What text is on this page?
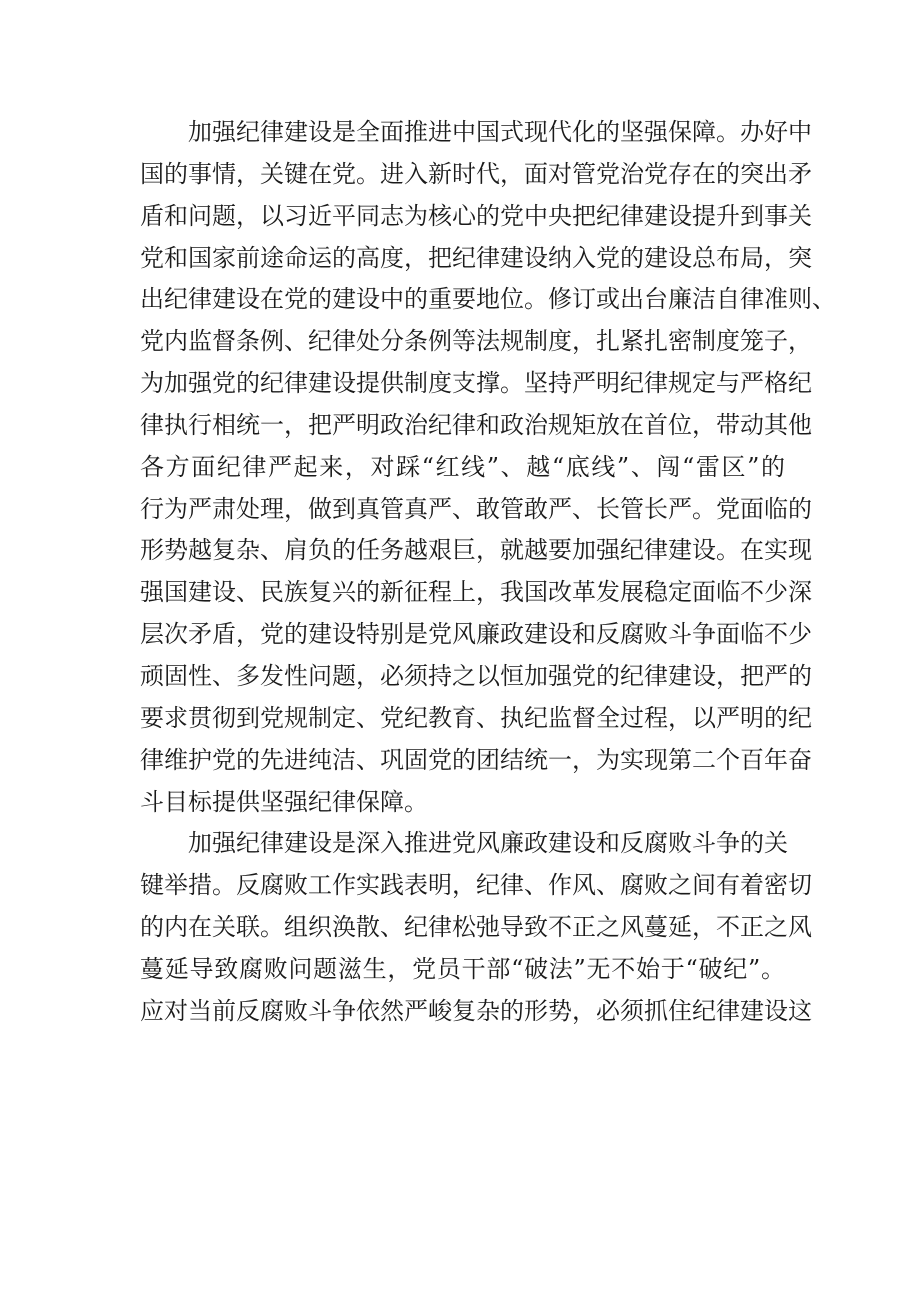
加强纪律建设是全面推进中国式现代化的坚强保障。办好中
国的事情，关键在党。进入新时代，面对管党治党存在的突出矛
盾和问题，以习近平同志为核心的党中央把纪律建设提升到事关
党和国家前途命运的高度，把纪律建设纳入党的建设总布局，突
出纪律建设在党的建设中的重要地位。修订或出台廉洁自律准则、
党内监督条例、纪律处分条例等法规制度，扎紧扎密制度笼子，
为加强党的纪律建设提供制度支撑。坚持严明纪律规定与严格纪
律执行相统一，把严明政治纪律和政治规矩放在首位，带动其他
各方面纪律严起来，对踩“红线”、越“底线”、闯“雷区”的
行为严肃处理，做到真管真严、敢管敢严、长管长严。党面临的
形势越复杂、肩负的任务越艰巨，就越要加强纪律建设。在实现
强国建设、民族复兴的新征程上，我国改革发展稳定面临不少深
层次矛盾，党的建设特别是党风廉政建设和反腐败斗争面临不少
顽固性、多发性问题，必须持之以恒加强党的纪律建设，把严的
要求贯彻到党规制定、党纪教育、执纪监督全过程，以严明的纪
律维护党的先进纯洁、巩固党的团结统一，为实现第二个百年奋
斗目标提供坚强纪律保障。
加强纪律建设是深入推进党风廉政建设和反腐败斗争的关
键举措。反腐败工作实践表明，纪律、作风、腐败之间有着密切
的内在关联。组织涣散、纪律松弛导致不正之风蔓延，不正之风
蔓延导致腐败问题滋生，党员干部“破法”无不始于“破纪”。
应对当前反腐败斗争依然严峻复杂的形势，必须抓住纪律建设这
